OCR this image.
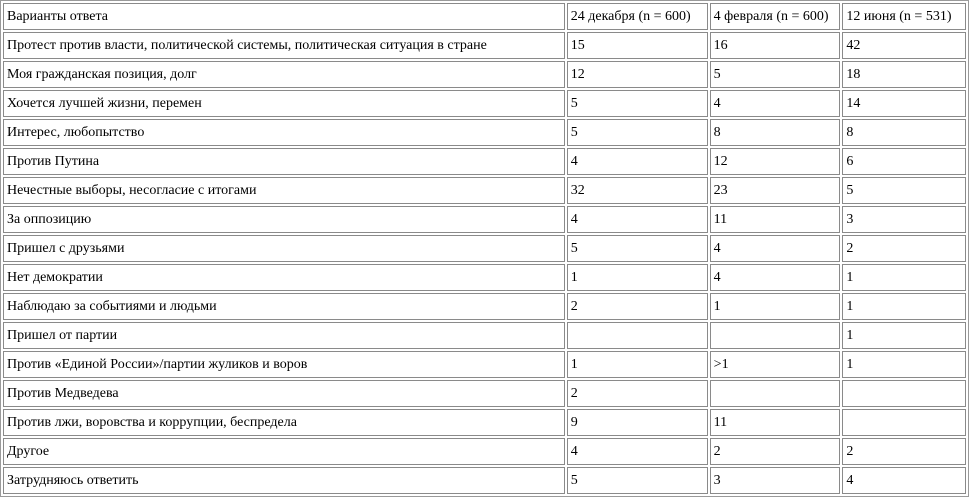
Варианты ответа	24 декабря (n = 600)	4 февраля (n = 600)	12 июня (n = 531)
Протест против власти, политической системы, политическая ситуация в стране	15	16	42
Моя гражданская позиция, долг	12	5	18
Хочется лучшей жизни, перемен	5	4	14
Интерес, любопытство	5	8	8
Против Путина	4	12	6
Нечестные выборы, несогласие с итогами	32	23	5
За оппозицию	4	11	3
Пришел с друзьями	5	4	2
Нет демократии	1	4	1
Наблюдаю за событиями и людьми	2	1	1
Пришел от партии			1
Против «Единой России»/партии жуликов и воров	1	>1	1
Против Медведева	2		
Против лжи, воровства и коррупции, беспредела	9	11	
Другое	4	2	2
Затрудняюсь ответить	5	3	4
